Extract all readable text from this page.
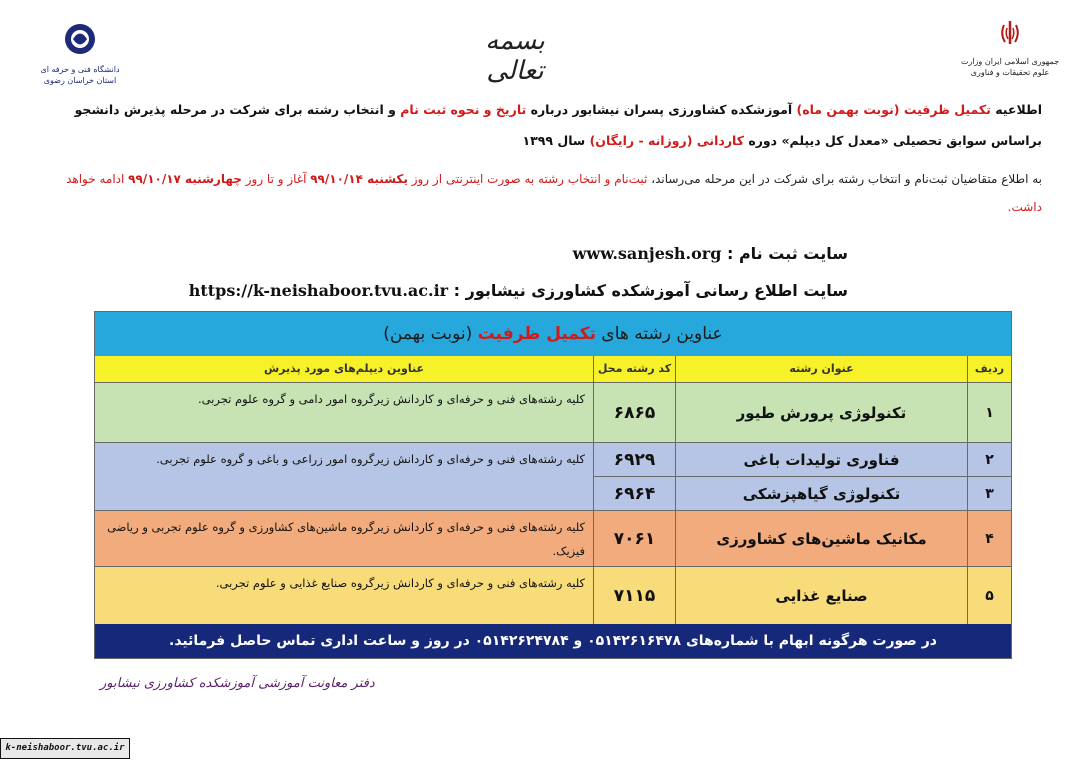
دانشگاه فنی و حرفه ای استان خراسان رضوی
بسمه تعالی	جمهوری اسلامی ایران وزارت علوم تحقیقات و فناوری
اطلاعیه تکمیل ظرفیت (نوبت بهمن ماه) آموزشکده کشاورزی پسران نیشابور درباره تاریخ و نحوه ثبت نام و انتخاب رشته برای شرکت در مرحله پذیرش دانشجو براساس سوابق تحصیلی «معدل کل دیپلم» دوره کاردانی (روزانه - رایگان) سال ۱۳۹۹
به اطلاع متقاضیان ثبت‌نام و انتخاب رشته برای شرکت در این مرحله می‌رساند، ثبت‌نام و انتخاب رشته به صورت اینترنتی از روز یکشنبه ۹۹/۱۰/۱۴ آغاز و تا روز چهارشنبه ۹۹/۱۰/۱۷ ادامه خواهد داشت.
سایت ثبت نام : www.sanjesh.org
سایت اطلاع رسانی آموزشکده کشاورزی نیشابور : https://k-neishaboor.tvu.ac.ir
عناوین رشته های تکمیل ظرفیت (نوبت بهمن)
ردیف
عنوان رشته
کد رشته محل
عناوین دیپلم‌های مورد پذیرش
۱
تکنولوژی پرورش طیور
۶۸۶۵
کلیه رشته‌های فنی و حرفه‌ای و کاردانش زیرگروه امور دامی و گروه علوم تجربی.
۲
فناوری تولیدات باغی
۶۹۲۹
کلیه رشته‌های فنی و حرفه‌ای و کاردانش زیرگروه امور زراعی و باغی و گروه علوم تجربی.
۳
تکنولوژی گیاهپزشکی
۶۹۶۴
۴
مکانیک ماشین‌های کشاورزی
۷۰۶۱
کلیه رشته‌های فنی و حرفه‌ای و کاردانش زیرگروه ماشین‌های کشاورزی و گروه علوم تجربی و ریاضی فیزیک.
۵
صنایع غذایی
۷۱۱۵
کلیه رشته‌های فنی و حرفه‌ای و کاردانش زیرگروه صنایع غذایی و علوم تجربی.
در صورت هرگونه ابهام با شماره‌های ۰۵۱۴۲۶۱۶۴۷۸ و ۰۵۱۴۲۶۲۴۷۸۴ در روز و ساعت اداری تماس حاصل فرمائید.
دفتر معاونت آموزشی آموزشکده کشاورزی نیشابور
k-neishaboor.tvu.ac.ir
